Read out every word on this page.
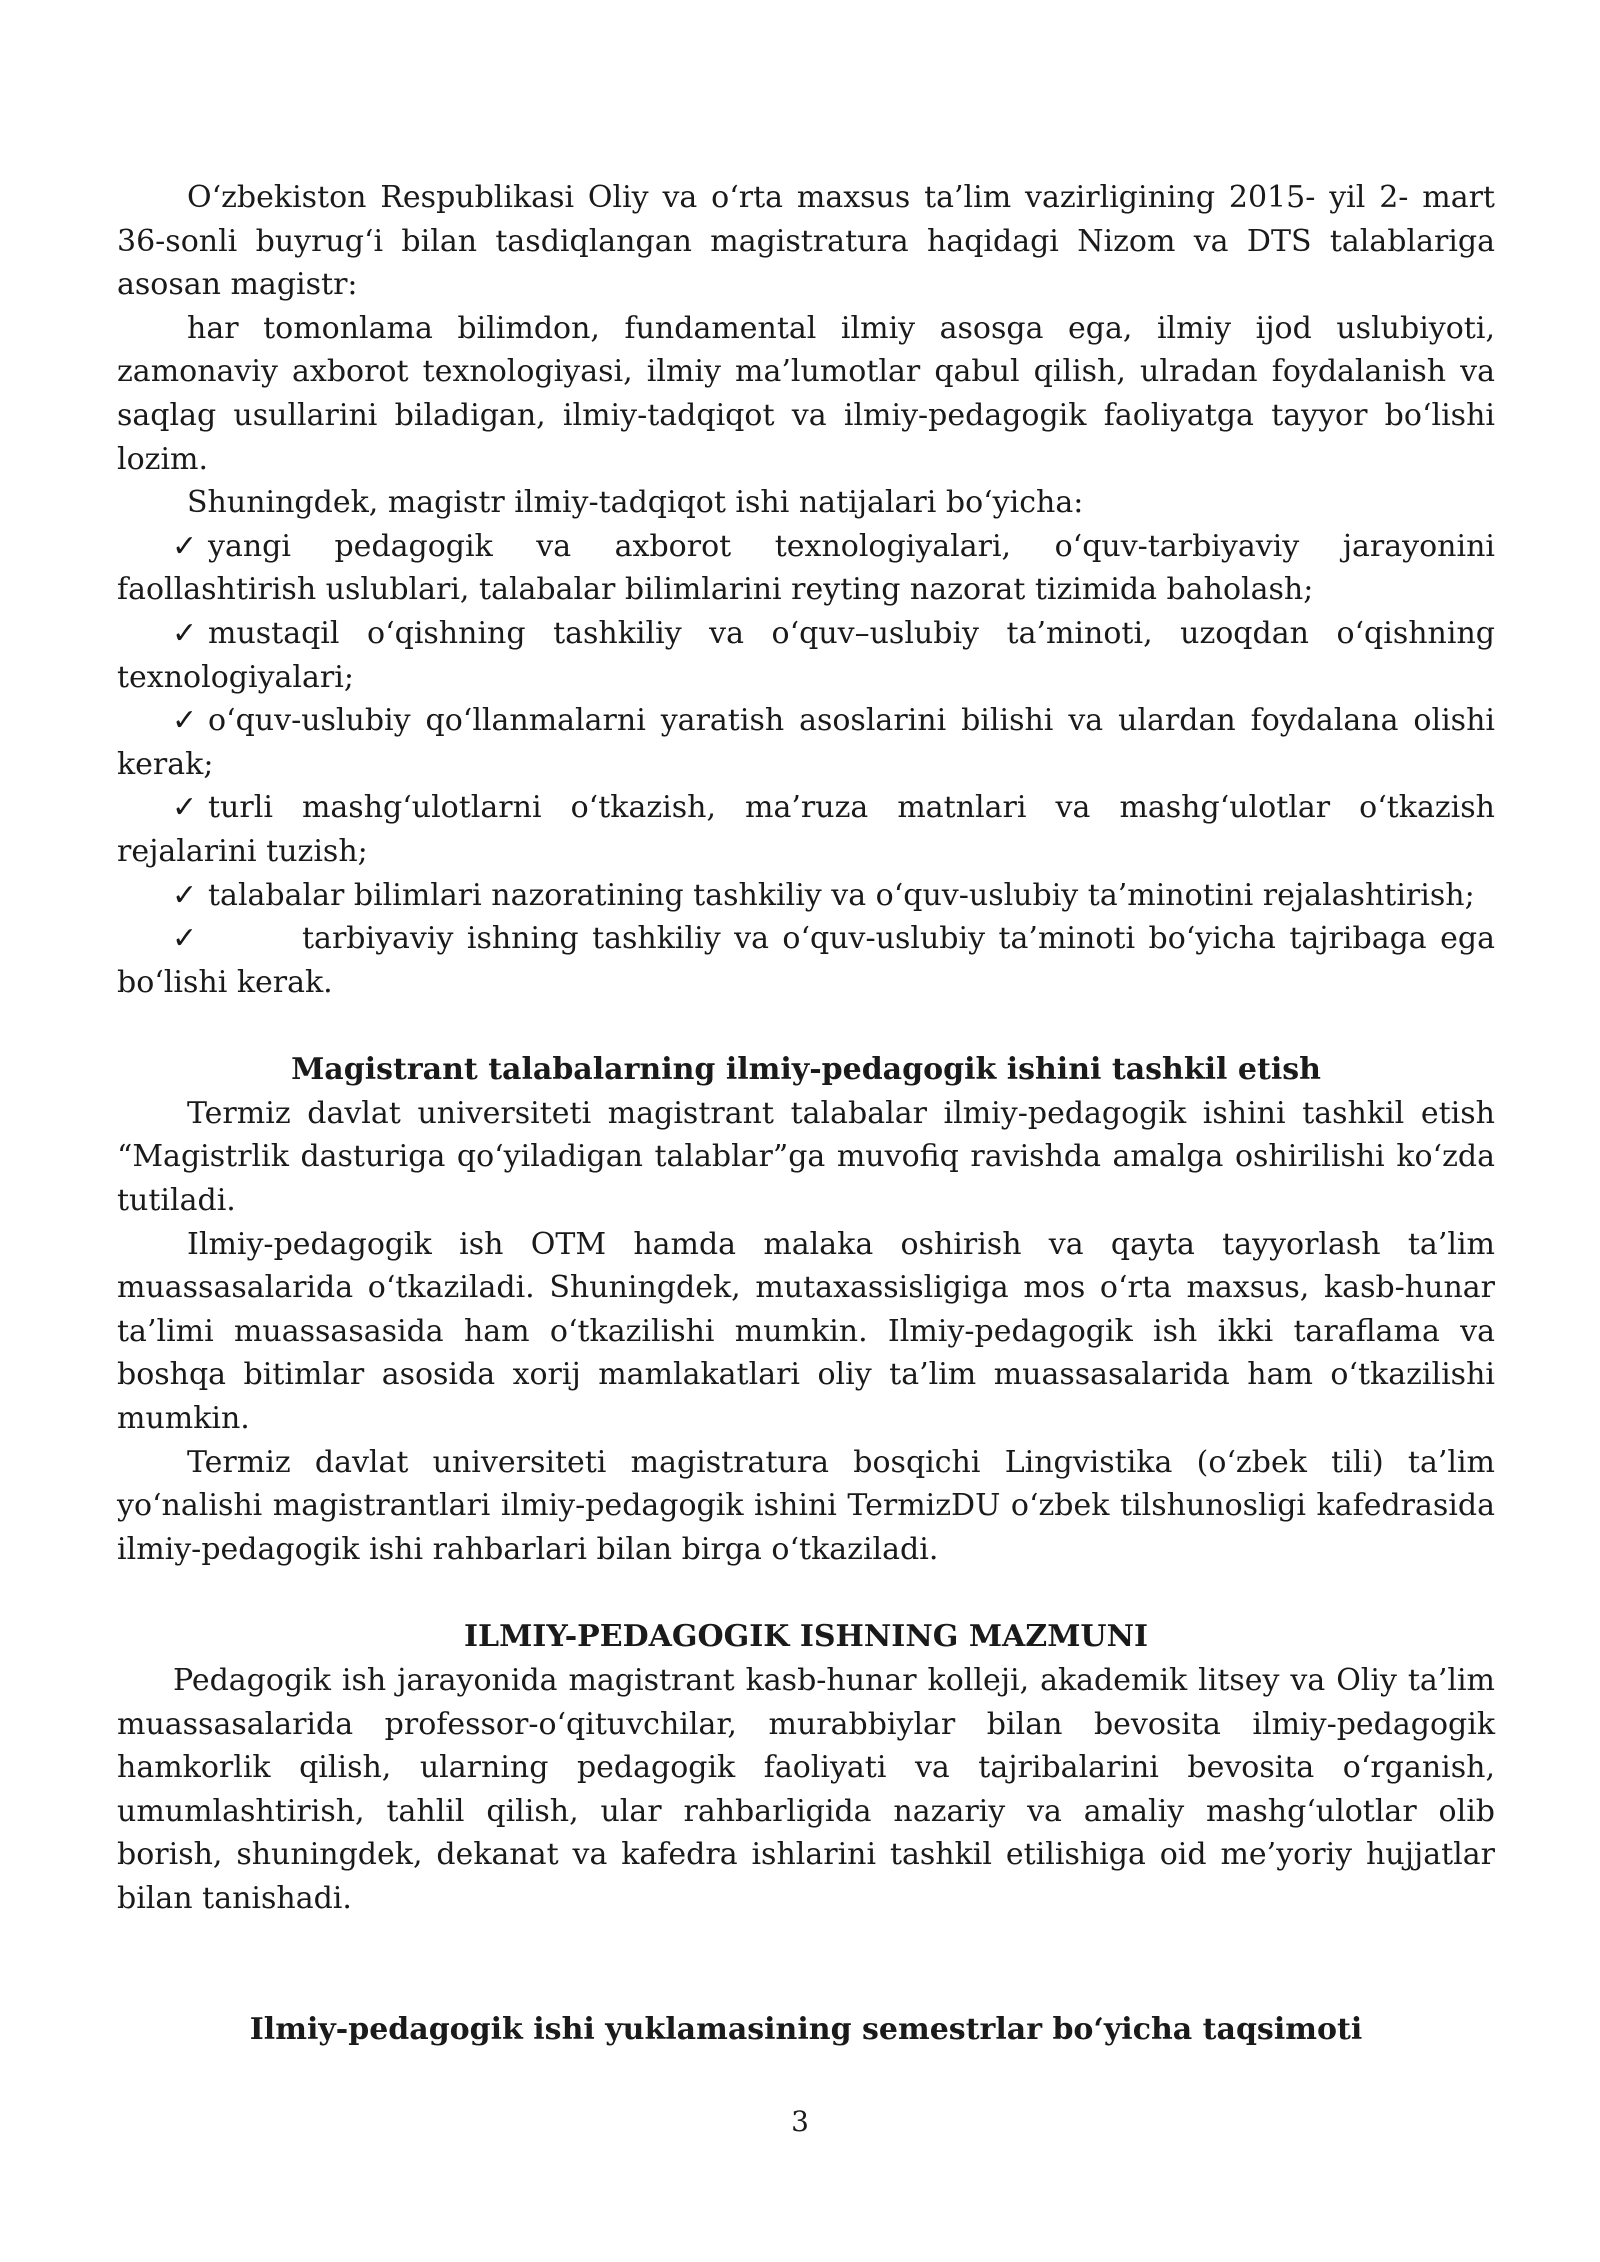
O‘zbekiston Respublikasi Oliy va o‘rta maxsus ta’lim vazirligining 2015- yil 2- mart 36-sonli buyrug‘i bilan tasdiqlangan magistratura haqidagi Nizom va DTS talablariga asosan magistr:

har tomonlama bilimdon, fundamental ilmiy asosga ega, ilmiy ijod uslubiyoti, zamonaviy axborot texnologiyasi, ilmiy ma’lumotlar qabul qilish, ulradan foydalanish va saqlag usullarini biladigan, ilmiy-tadqiqot va ilmiy-pedagogik faoliyatga tayyor bo‘lishi lozim.

Shuningdek, magistr ilmiy-tadqiqot ishi natijalari bo‘yicha:

✓ yangi pedagogik va axborot texnologiyalari, o‘quv-tarbiyaviy jarayonini faollashtirish uslublari, talabalar bilimlarini reyting nazorat tizimida baholash;

✓ mustaqil o‘qishning tashkiliy va o‘quv–uslubiy ta’minoti, uzoqdan o‘qishning texnologiyalari;

✓ o‘quv-uslubiy qo‘llanmalarni yaratish asoslarini bilishi va ulardan foydalana olishi kerak;

✓ turli mashg‘ulotlarni o‘tkazish, ma’ruza matnlari va mashg‘ulotlar o‘tkazish rejalarini tuzish;

✓ talabalar bilimlari nazoratining tashkiliy va o‘quv-uslubiy ta’minotini rejalashtirish;

✓	tarbiyaviy ishning tashkiliy va o‘quv-uslubiy ta’minoti bo‘yicha tajribaga ega bo‘lishi kerak.

Magistrant talabalarning ilmiy-pedagogik ishini tashkil etish

Termiz davlat universiteti magistrant talabalar ilmiy-pedagogik ishini tashkil etish “Magistrlik dasturiga qo‘yiladigan talablar”ga muvofiq ravishda amalga oshirilishi ko‘zda tutiladi.

Ilmiy-pedagogik ish OTM hamda malaka oshirish va qayta tayyorlash ta’lim muassasalarida o‘tkaziladi. Shuningdek, mutaxassisligiga mos o‘rta maxsus, kasb-hunar ta’limi muassasasida ham o‘tkazilishi mumkin. Ilmiy-pedagogik ish ikki taraflama va boshqa bitimlar asosida xorij mamlakatlari oliy ta’lim muassasalarida ham o‘tkazilishi mumkin.

Termiz davlat universiteti magistratura bosqichi Lingvistika (o‘zbek tili) ta’lim yo‘nalishi magistrantlari ilmiy-pedagogik ishini TermizDU o‘zbek tilshunosligi kafedrasida ilmiy-pedagogik ishi rahbarlari bilan birga o‘tkaziladi.

ILMIY-PEDAGOGIK ISHNING MAZMUNI

Pedagogik ish jarayonida magistrant kasb-hunar kolleji, akademik litsey va Oliy ta’lim muassasalarida professor-o‘qituvchilar, murabbiylar bilan bevosita ilmiy-pedagogik hamkorlik qilish, ularning pedagogik faoliyati va tajribalarini bevosita o‘rganish, umumlashtirish, tahlil qilish, ular rahbarligida nazariy va amaliy mashg‘ulotlar olib borish, shuningdek, dekanat va kafedra ishlarini tashkil etilishiga oid me’yoriy hujjatlar bilan tanishadi.

Ilmiy-pedagogik ishi yuklamasining semestrlar bo‘yicha taqsimoti

3
